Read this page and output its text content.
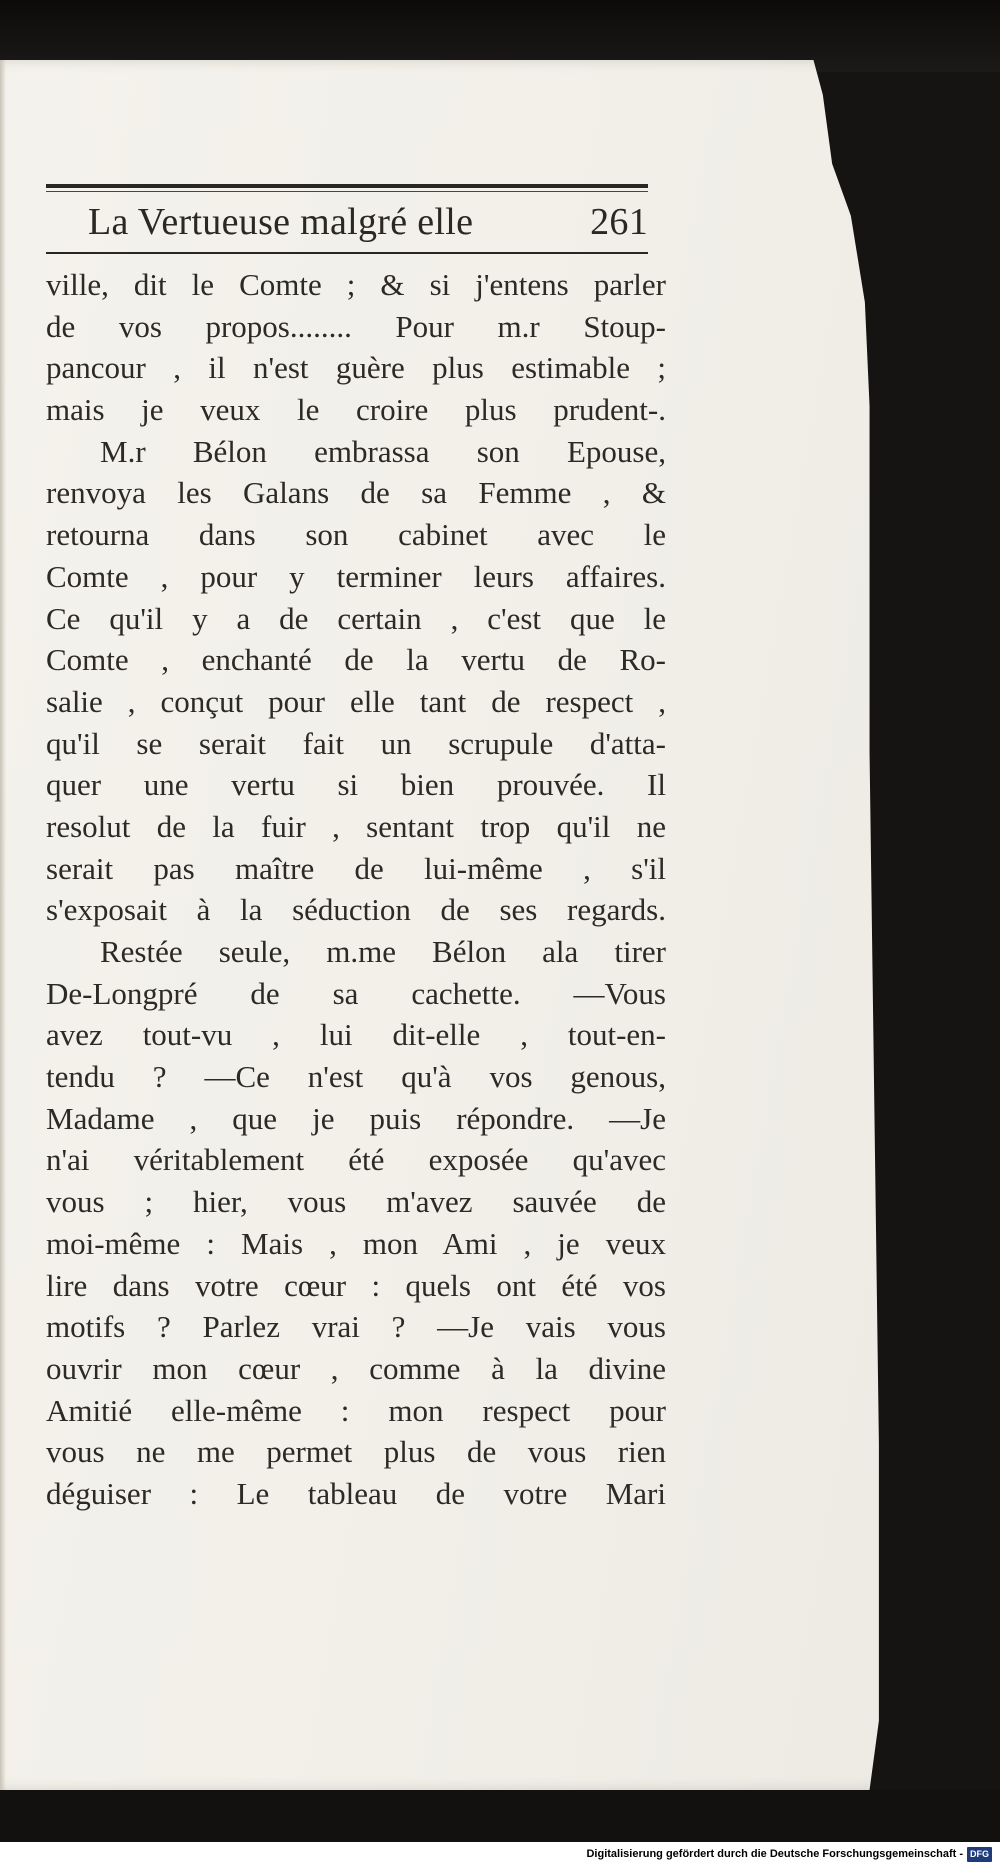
La Vertueuse malgré elle	261
ville, dit le Comte ; & si j'entens parler
de vos propos........ Pour m.r Stoup-
pancour , il n'est guère plus estimable ;
mais je veux le croire plus prudent-.
M.r Bélon embrassa son Epouse,
renvoya les Galans de sa Femme , &
retourna dans son cabinet avec le
Comte , pour y terminer leurs affaires.
Ce qu'il y a de certain , c'est que le
Comte , enchanté de la vertu de Ro-
salie , conçut pour elle tant de respect ,
qu'il se serait fait un scrupule d'atta-
quer une vertu si bien prouvée. Il
resolut de la fuir , sentant trop qu'il ne
serait pas maître de lui-même , s'il
s'exposait à la séduction de ses regards.
Restée seule, m.me Bélon ala tirer
De-Longpré de sa cachette. —Vous
avez tout-vu , lui dit-elle , tout-en-
tendu ? —Ce n'est qu'à vos genous,
Madame , que je puis répondre. —Je
n'ai véritablement été exposée qu'avec
vous ; hier, vous m'avez sauvée de
moi-même : Mais , mon Ami , je veux
lire dans votre cœur : quels ont été vos
motifs ? Parlez vrai ? —Je vais vous
ouvrir mon cœur , comme à la divine
Amitié elle-même : mon respect pour
vous ne me permet plus de vous rien
déguiser : Le tableau de votre Mari
Digitalisierung gefördert durch die Deutsche Forschungsgemeinschaft - DFG
